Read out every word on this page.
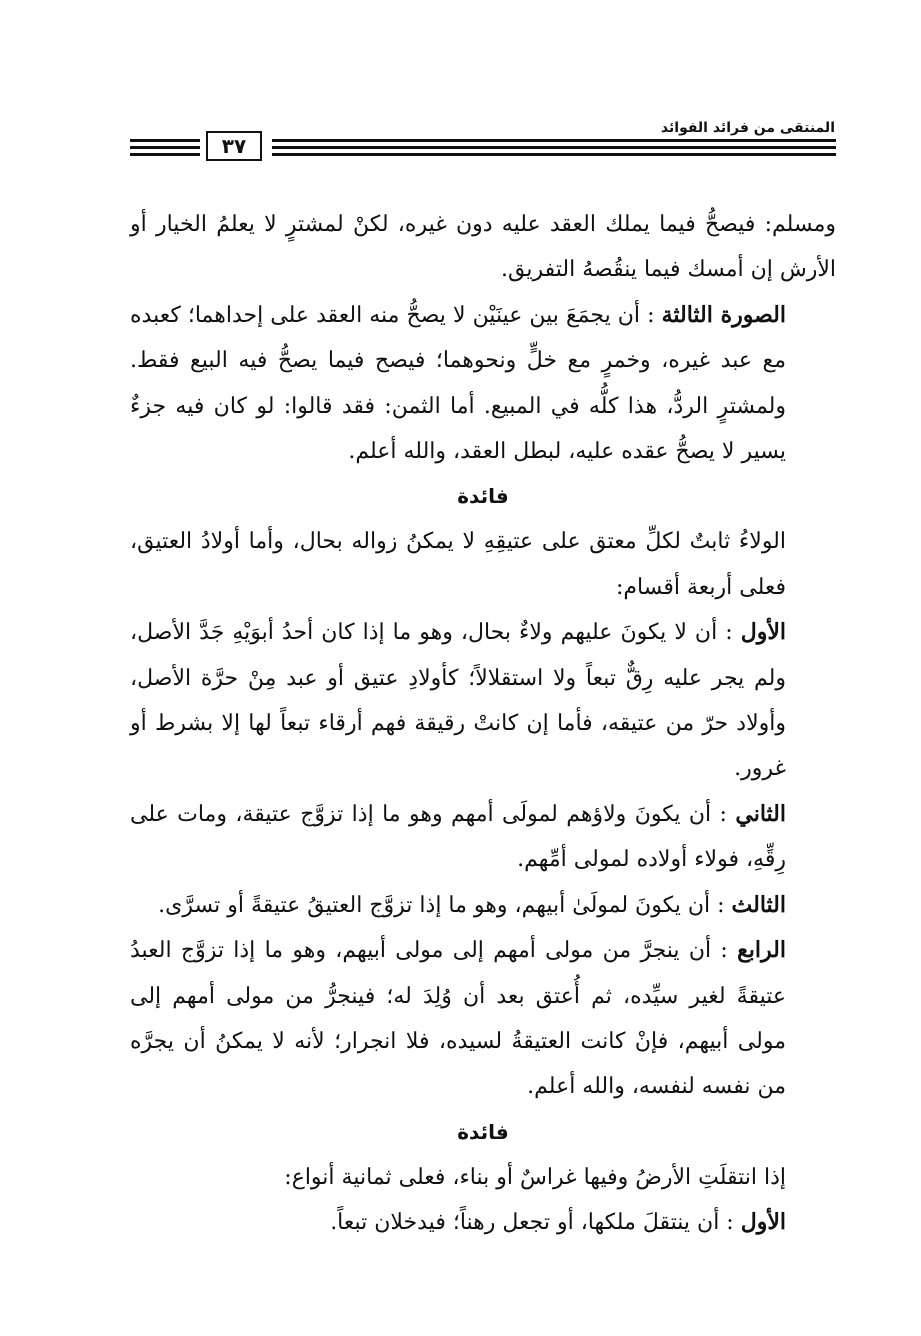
المنتقى من فرائد الفوائد
٣٧

ومسلم: فيصحُّ فيما يملك العقد عليه دون غيره، لكنْ لمشترٍ لا يعلمُ الخيار أو الأرش إن أمسك فيما ينقُصهُ التفريق.

الصورة الثالثة : أن يجمَعَ بين عينَيْن لا يصحُّ منه العقد على إحداهما؛ كعبده مع عبد غيره، وخمرٍ مع خلٍّ ونحوهما؛ فيصح فيما يصحُّ فيه البيع فقط. ولمشترٍ الردُّ، هذا كلُّه في المبيع. أما الثمن: فقد قالوا: لو كان فيه جزءٌ يسير لا يصحُّ عقده عليه، لبطل العقد، والله أعلم.

فائدة

الولاءُ ثابتٌ لكلِّ معتق على عتيقِهِ لا يمكنُ زواله بحال، وأما أولادُ العتيق، فعلى أربعة أقسام:

الأول : أن لا يكونَ عليهم ولاءٌ بحال، وهو ما إذا كان أحدُ أبوَيْهِ جَدَّ الأصل، ولم يجر عليه رِقٌّ تبعاً ولا استقلالاً؛ كأولادِ عتيق أو عبد مِنْ حرَّة الأصل، وأولاد حرّ من عتيقه، فأما إن كانتْ رقيقة فهم أرقاء تبعاً لها إلا بشرط أو غرور.

الثاني : أن يكونَ ولاؤهم لمولَى أمهم وهو ما إذا تزوَّج عتيقة، ومات على رِقِّهِ، فولاء أولاده لمولى أمِّهم.

الثالث : أن يكونَ لمولَىٰ أبيهم، وهو ما إذا تزوَّج العتيقُ عتيقةً أو تسرَّى.

الرابع : أن ينجرَّ من مولى أمهم إلى مولى أبيهم، وهو ما إذا تزوَّج العبدُ عتيقةً لغير سيِّده، ثم أُعتق بعد أن وُلِدَ له؛ فينجرُّ من مولى أمهم إلى مولى أبيهم، فإنْ كانت العتيقةُ لسيده، فلا انجرار؛ لأنه لا يمكنُ أن يجرَّه من نفسه لنفسه، والله أعلم.

فائدة

إذا انتقلَتِ الأرضُ وفيها غراسٌ أو بناء، فعلى ثمانية أنواع:

الأول : أن ينتقلَ ملكها، أو تجعل رهناً؛ فيدخلان تبعاً.
